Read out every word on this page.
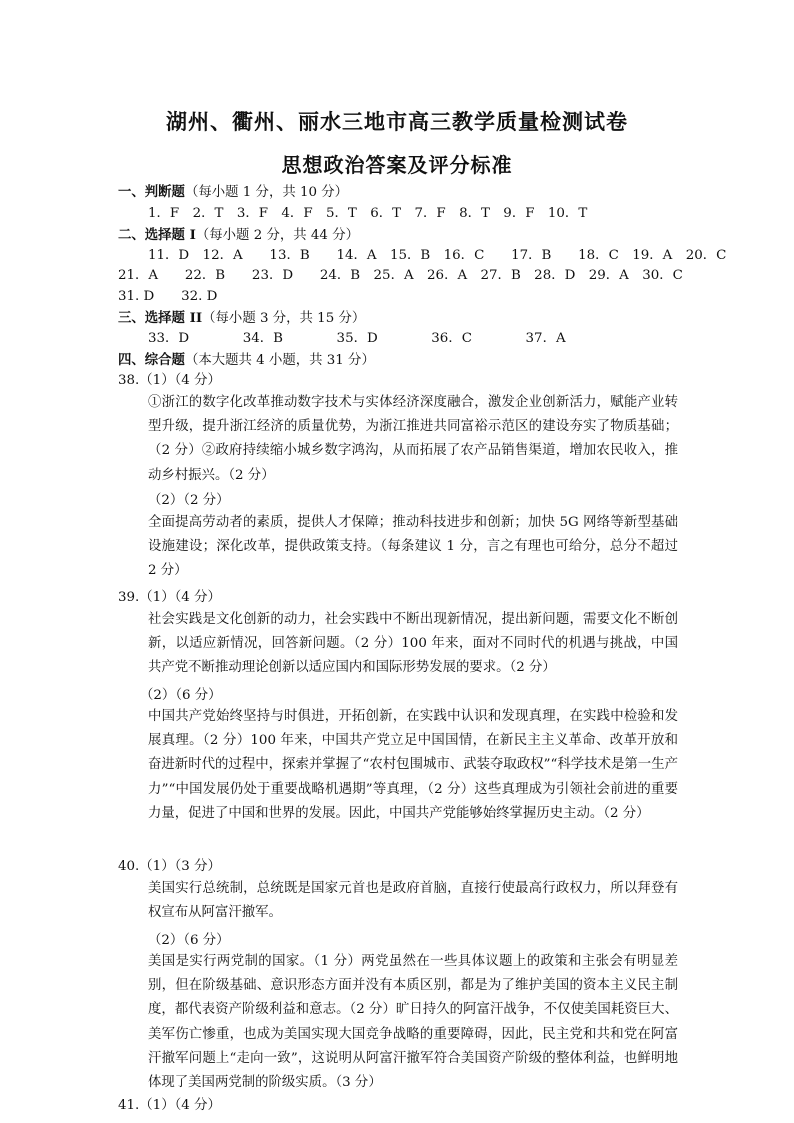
湖州、衢州、丽水三地市高三教学质量检测试卷
思想政治答案及评分标准
一、判断题（每小题 1 分，共 10 分）
1．F　2．T　3．F　4．F　5．T　6．T　7．F　8．T　9．F　10．T
二、选择题 I（每小题 2 分，共 44 分）
11．D　12．A　　13．B　　14．A　15．B　16．C　　17．B　　18．C　19．A　20．C
21．A　　22．B　　23．D　　24．B　25．A　26．A　27．B　28．D　29．A　30．C
31. D　　32. D
三、选择题 II（每小题 3 分，共 15 分）
33．D　　　　34．B　　　　35．D　　　　36．C　　　　37．A
四、综合题（本大题共 4 小题，共 31 分）
38.（1）（4 分）
①浙江的数字化改革推动数字技术与实体经济深度融合，激发企业创新活力，赋能产业转型升级，提升浙江经济的质量优势，为浙江推进共同富裕示范区的建设夯实了物质基础；（2 分）②政府持续缩小城乡数字鸿沟，从而拓展了农产品销售渠道，增加农民收入，推动乡村振兴。（2 分）
（2）（2 分）
全面提高劳动者的素质，提供人才保障；推动科技进步和创新；加快 5G 网络等新型基础设施建设；深化改革，提供政策支持。（每条建议 1 分，言之有理也可给分，总分不超过 2 分）
39.（1）（4 分）
社会实践是文化创新的动力，社会实践中不断出现新情况，提出新问题，需要文化不断创新，以适应新情况，回答新问题。（2 分）100 年来，面对不同时代的机遇与挑战，中国共产党不断推动理论创新以适应国内和国际形势发展的要求。（2 分）
（2）（6 分）
中国共产党始终坚持与时俱进，开拓创新，在实践中认识和发现真理，在实践中检验和发展真理。（2 分）100 年来，中国共产党立足中国国情，在新民主主义革命、改革开放和奋进新时代的过程中，探索并掌握了“农村包围城市、武装夺取政权”“科学技术是第一生产力”“中国发展仍处于重要战略机遇期”等真理，（2 分）这些真理成为引领社会前进的重要力量，促进了中国和世界的发展。因此，中国共产党能够始终掌握历史主动。（2 分）
40.（1）（3 分）
美国实行总统制，总统既是国家元首也是政府首脑，直接行使最高行政权力，所以拜登有权宣布从阿富汗撤军。
（2）（6 分）
美国是实行两党制的国家。（1 分）两党虽然在一些具体议题上的政策和主张会有明显差别，但在阶级基础、意识形态方面并没有本质区别，都是为了维护美国的资本主义民主制度，都代表资产阶级利益和意志。（2 分）旷日持久的阿富汗战争，不仅使美国耗资巨大、美军伤亡惨重，也成为美国实现大国竞争战略的重要障碍，因此，民主党和共和党在阿富汗撤军问题上“走向一致”，这说明从阿富汗撤军符合美国资产阶级的整体利益，也鲜明地体现了美国两党制的阶级实质。（3 分）
41.（1）（4 分）
